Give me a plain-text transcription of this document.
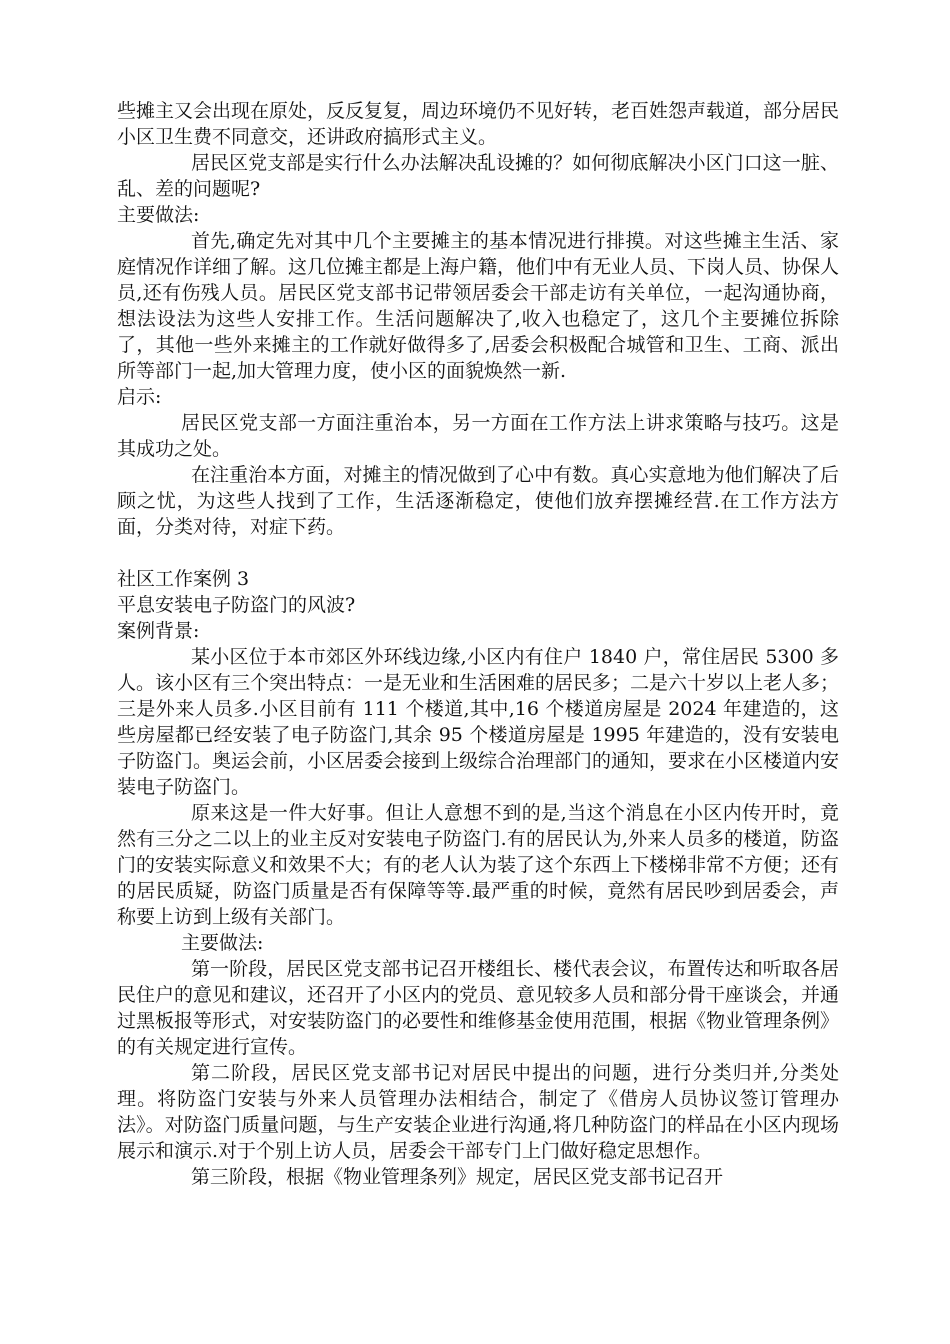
些摊主又会出现在原处，反反复复，周边环境仍不见好转，老百姓怨声载道，部分居民小区卫生费不同意交，还讲政府搞形式主义。

居民区党支部是实行什么办法解决乱设摊的？如何彻底解决小区门口这一脏、乱、差的问题呢?

主要做法:

首先,确定先对其中几个主要摊主的基本情况进行排摸。对这些摊主生活、家庭情况作详细了解。这几位摊主都是上海户籍，他们中有无业人员、下岗人员、协保人员,还有伤残人员。居民区党支部书记带领居委会干部走访有关单位，一起沟通协商，想法设法为这些人安排工作。生活问题解决了,收入也稳定了，这几个主要摊位拆除了，其他一些外来摊主的工作就好做得多了,居委会积极配合城管和卫生、工商、派出所等部门一起,加大管理力度，使小区的面貌焕然一新.

启示:

居民区党支部一方面注重治本，另一方面在工作方法上讲求策略与技巧。这是其成功之处。

在注重治本方面，对摊主的情况做到了心中有数。真心实意地为他们解决了后顾之忧，为这些人找到了工作，生活逐渐稳定，使他们放弃摆摊经营.在工作方法方面，分类对待，对症下药。

社区工作案例 3

平息安装电子防盗门的风波?

案例背景:

某小区位于本市郊区外环线边缘,小区内有住户 1840 户，常住居民 5300 多人。该小区有三个突出特点：一是无业和生活困难的居民多；二是六十岁以上老人多；三是外来人员多.小区目前有 111 个楼道,其中,16 个楼道房屋是 2024 年建造的，这些房屋都已经安装了电子防盗门,其余 95 个楼道房屋是 1995 年建造的，没有安装电子防盗门。奥运会前，小区居委会接到上级综合治理部门的通知，要求在小区楼道内安装电子防盗门。

原来这是一件大好事。但让人意想不到的是,当这个消息在小区内传开时，竟然有三分之二以上的业主反对安装电子防盗门.有的居民认为,外来人员多的楼道，防盗门的安装实际意义和效果不大；有的老人认为装了这个东西上下楼梯非常不方便；还有的居民质疑，防盗门质量是否有保障等等.最严重的时候，竟然有居民吵到居委会，声称要上访到上级有关部门。

主要做法:

第一阶段，居民区党支部书记召开楼组长、楼代表会议，布置传达和听取各居民住户的意见和建议，还召开了小区内的党员、意见较多人员和部分骨干座谈会，并通过黑板报等形式，对安装防盗门的必要性和维修基金使用范围，根据《物业管理条例》的有关规定进行宣传。

第二阶段，居民区党支部书记对居民中提出的问题，进行分类归并,分类处理。将防盗门安装与外来人员管理办法相结合，制定了《借房人员协议签订管理办法》。对防盗门质量问题，与生产安装企业进行沟通,将几种防盗门的样品在小区内现场展示和演示.对于个别上访人员，居委会干部专门上门做好稳定思想作。

第三阶段，根据《物业管理条列》规定，居民区党支部书记召开
